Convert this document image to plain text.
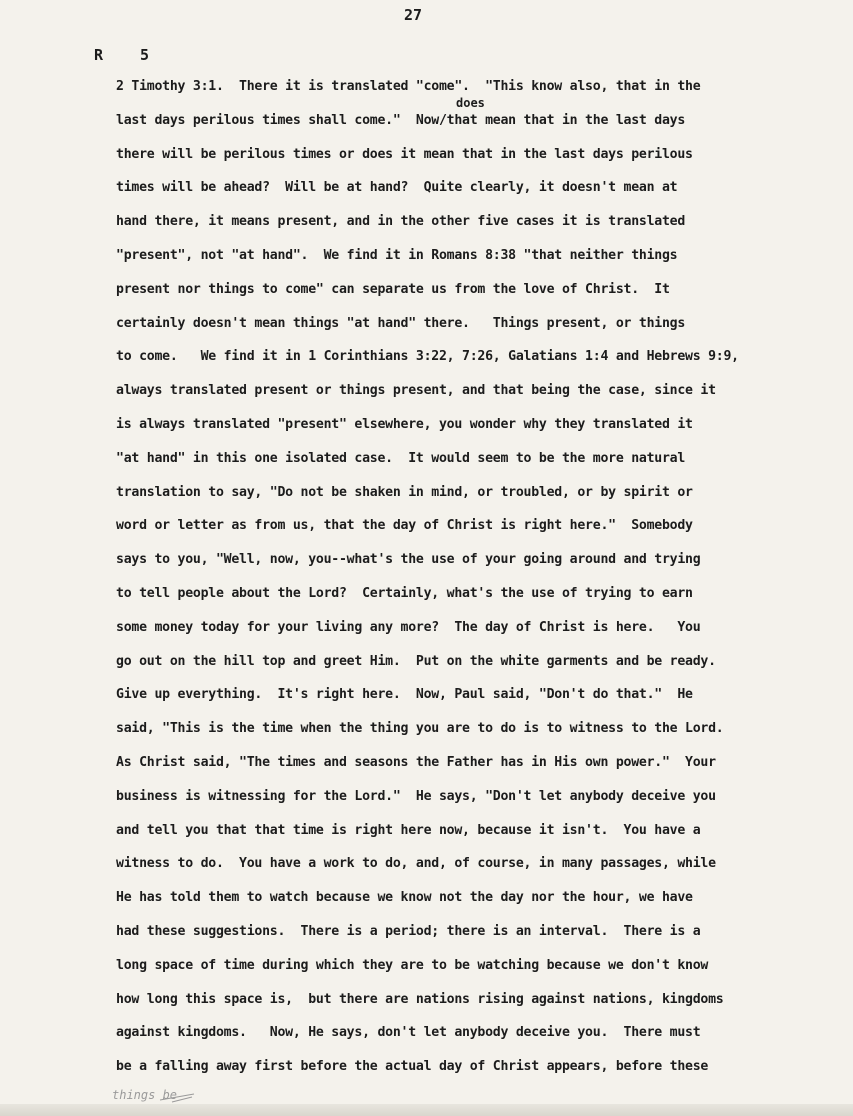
27
R 5
does
2 Timothy 3:1.  There it is translated "come".  "This know also, that in the
last days perilous times shall come."  Now/that mean that in the last days
there will be perilous times or does it mean that in the last days perilous
times will be ahead?  Will be at hand?  Quite clearly, it doesn't mean at
hand there, it means present, and in the other five cases it is translated
"present", not "at hand".  We find it in Romans 8:38 "that neither things
present nor things to come" can separate us from the love of Christ.  It
certainly doesn't mean things "at hand" there.   Things present, or things
to come.   We find it in 1 Corinthians 3:22, 7:26, Galatians 1:4 and Hebrews 9:9,
always translated present or things present, and that being the case, since it
is always translated "present" elsewhere, you wonder why they translated it
"at hand" in this one isolated case.  It would seem to be the more natural
translation to say, "Do not be shaken in mind, or troubled, or by spirit or
word or letter as from us, that the day of Christ is right here."  Somebody
says to you, "Well, now, you--what's the use of your going around and trying
to tell people about the Lord?  Certainly, what's the use of trying to earn
some money today for your living any more?  The day of Christ is here.   You
go out on the hill top and greet Him.  Put on the white garments and be ready.
Give up everything.  It's right here.  Now, Paul said, "Don't do that."  He
said, "This is the time when the thing you are to do is to witness to the Lord.
As Christ said, "The times and seasons the Father has in His own power."  Your
business is witnessing for the Lord."  He says, "Don't let anybody deceive you
and tell you that that time is right here now, because it isn't.  You have a
witness to do.  You have a work to do, and, of course, in many passages, while
He has told them to watch because we know not the day nor the hour, we have
had these suggestions.  There is a period; there is an interval.  There is a
long space of time during which they are to be watching because we don't know
how long this space is,  but there are nations rising against nations, kingdoms
against kingdoms.   Now, He says, don't let anybody deceive you.  There must
be a falling away first before the actual day of Christ appears, before these
things be
